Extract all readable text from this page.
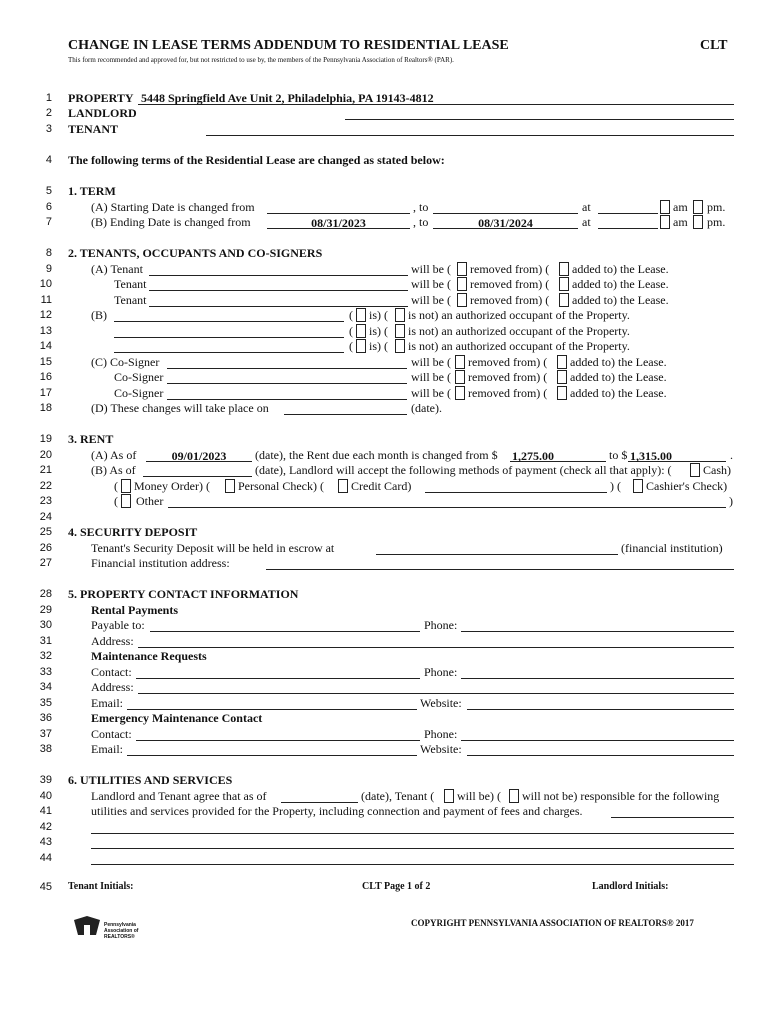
CHANGE IN LEASE TERMS ADDENDUM TO RESIDENTIAL LEASE	CLT
This form recommended and approved for, but not restricted to use by, the members of the Pennsylvania Association of Realtors® (PAR).
1
2
3
4
5
6
7
8
9
10
11
12
13
14
15
16
17
18
19
20
21
22
23
24
25
26
27
28
29
30
31
32
33
34
35
36
37
38
39
40
41
42
43
44
45
PROPERTY 5448 Springfield Ave Unit 2, Philadelphia, PA 19143-4812
LANDLORD
TENANT
The following terms of the Residential Lease are changed as stated below:
1. TERM
(A) Starting Date is changed from	, to	at	am pm.
(B) Ending Date is changed from	08/31/2023	, to	08/31/2024	at	am pm.
2. TENANTS, OCCUPANTS AND CO-SIGNERS
(A) Tenant	will be ( removed from) ( added to) the Lease.
Tenant	will be ( removed from) ( added to) the Lease.
Tenant	will be ( removed from) ( added to) the Lease.
(B)	( is) ( is not) an authorized occupant of the Property.
( is) ( is not) an authorized occupant of the Property.
( is) ( is not) an authorized occupant of the Property.
(C) Co-Signer	will be ( removed from) ( added to) the Lease.
Co-Signer	will be ( removed from) ( added to) the Lease.
Co-Signer	will be ( removed from) ( added to) the Lease.
(D) These changes will take place on	(date).
3. RENT
(A) As of	09/01/2023	(date), the Rent due each month is changed from $ 1,275.00	to $ 1,315.00	.
(B) As of	(date), Landlord will accept the following methods of payment (check all that apply): (	Cash)
( Money Order) ( Personal Check) ( Credit Card)	) ( Cashier's Check)
( Other	)
4. SECURITY DEPOSIT
Tenant's Security Deposit will be held in escrow at	(financial institution)
Financial institution address:
5. PROPERTY CONTACT INFORMATION
Rental Payments
Payable to:	Phone:
Address:
Maintenance Requests
Contact:	Phone:
Address:
Email:	Website:
Emergency Maintenance Contact
Contact:	Phone:
Email:	Website:
6. UTILITIES AND SERVICES
Landlord and Tenant agree that as of	(date), Tenant ( will be) ( will not be) responsible for the following
utilities and services provided for the Property, including connection and payment of fees and charges.
Tenant Initials:	CLT Page 1 of 2	Landlord Initials:
Pennsylvania Association of REALTORS®
COPYRIGHT PENNSYLVANIA ASSOCIATION OF REALTORS® 2017
